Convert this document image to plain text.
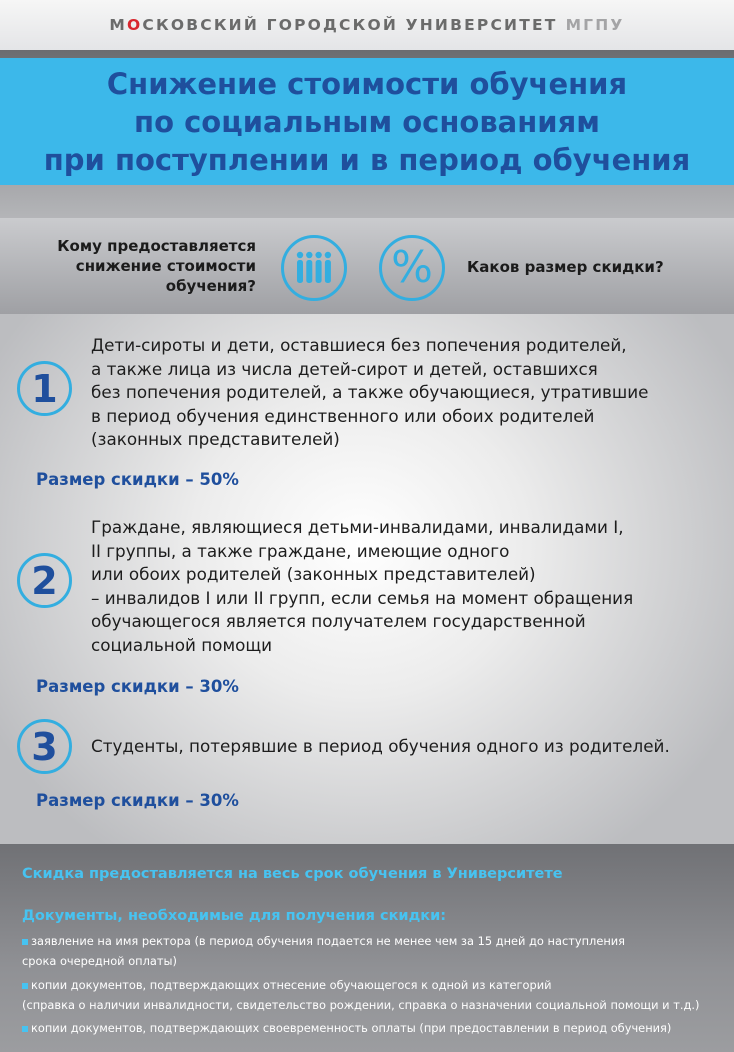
МОСКОВСКИЙ ГОРОДСКОЙ УНИВЕРСИТЕТ МГПУ
Снижение стоимости обучения
по социальным основаниям
при поступлении и в период обучения
Кому предоставляется
снижение стоимости
обучения?	% Каков размер скидки?
1

Дети-сироты и дети, оставшиеся без попечения родителей,
а также лица из числа детей-сирот и детей, оставшихся
без попечения родителей, а также обучающиеся, утратившие
в период обучения единственного или обоих родителей
(законных представителей)

Размер скидки – 50%
2

Граждане, являющиеся детьми-инвалидами, инвалидами I,
II группы, а также граждане, имеющие одного
или обоих родителей (законных представителей)
– инвалидов I или II групп, если семья на момент обращения
обучающегося является получателем государственной
социальной помощи

Размер скидки – 30%
3	Студенты, потерявшие в период обучения одного из родителей.

Размер скидки – 30%
Скидка предоставляется на весь срок обучения в Университете
Документы, необходимые для получения скидки:

заявление на имя ректора (в период обучения подается не менее чем за 15 дней до наступления
срока очередной оплаты)

копии документов, подтверждающих отнесение обучающегося к одной из категорий
(справка о наличии инвалидности, свидетельство рождении, справка о назначении социальной помощи и т.д.)

копии документов, подтверждающих своевременность оплаты (при предоставлении в период обучения)
